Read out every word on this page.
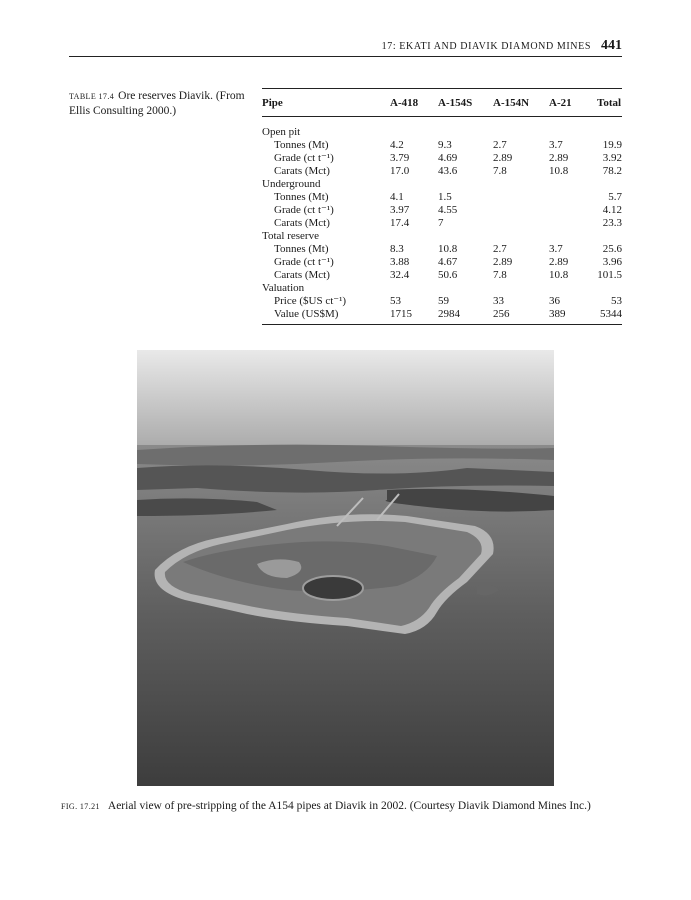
17: EKATI AND DIAVIK DIAMOND MINES 441
TABLE 17.4 Ore reserves Diavik. (From Ellis Consulting 2000.)
Pipe	A-418	A-154S	A-154N	A-21	Total
Open pit					
Tonnes (Mt)	4.2	9.3	2.7	3.7	19.9
Grade (ct t⁻¹)	3.79	4.69	2.89	2.89	3.92
Carats (Mct)	17.0	43.6	7.8	10.8	78.2
Underground					
Tonnes (Mt)	4.1	1.5			5.7
Grade (ct t⁻¹)	3.97	4.55			4.12
Carats (Mct)	17.4	7			23.3
Total reserve					
Tonnes (Mt)	8.3	10.8	2.7	3.7	25.6
Grade (ct t⁻¹)	3.88	4.67	2.89	2.89	3.96
Carats (Mct)	32.4	50.6	7.8	10.8	101.5
Valuation					
Price ($US ct⁻¹)	53	59	33	36	53
Value (US$M)	1715	2984	256	389	5344
FIG. 17.21 Aerial view of pre-stripping of the A154 pipes at Diavik in 2002. (Courtesy Diavik Diamond Mines Inc.)
